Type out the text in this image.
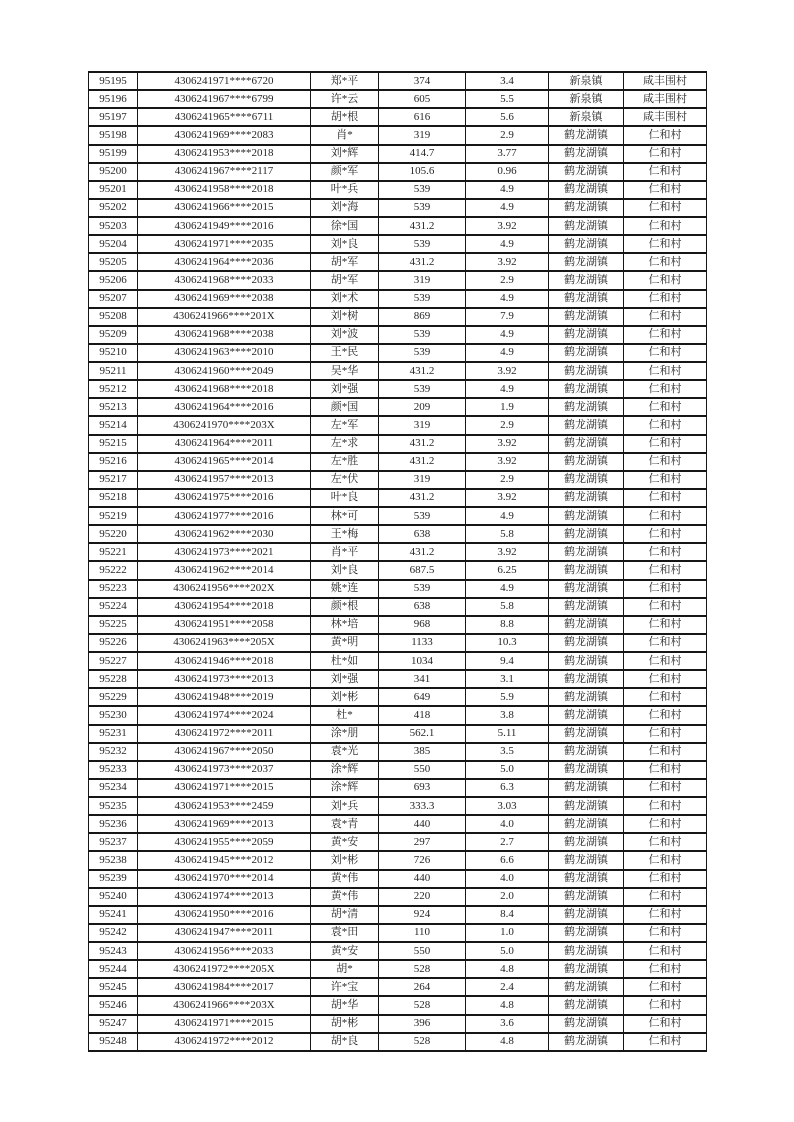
95195	4306241971****6720	郑*平	374	3.4	新泉镇	咸丰围村
95196	4306241967****6799	许*云	605	5.5	新泉镇	咸丰围村
95197	4306241965****6711	胡*根	616	5.6	新泉镇	咸丰围村
95198	4306241969****2083	肖*	319	2.9	鹤龙湖镇	仁和村
95199	4306241953****2018	刘*辉	414.7	3.77	鹤龙湖镇	仁和村
95200	4306241967****2117	颜*军	105.6	0.96	鹤龙湖镇	仁和村
95201	4306241958****2018	叶*兵	539	4.9	鹤龙湖镇	仁和村
95202	4306241966****2015	刘*海	539	4.9	鹤龙湖镇	仁和村
95203	4306241949****2016	徐*国	431.2	3.92	鹤龙湖镇	仁和村
95204	4306241971****2035	刘*良	539	4.9	鹤龙湖镇	仁和村
95205	4306241964****2036	胡*军	431.2	3.92	鹤龙湖镇	仁和村
95206	4306241968****2033	胡*军	319	2.9	鹤龙湖镇	仁和村
95207	4306241969****2038	刘*术	539	4.9	鹤龙湖镇	仁和村
95208	4306241966****201X	刘*树	869	7.9	鹤龙湖镇	仁和村
95209	4306241968****2038	刘*波	539	4.9	鹤龙湖镇	仁和村
95210	4306241963****2010	王*民	539	4.9	鹤龙湖镇	仁和村
95211	4306241960****2049	吴*华	431.2	3.92	鹤龙湖镇	仁和村
95212	4306241968****2018	刘*强	539	4.9	鹤龙湖镇	仁和村
95213	4306241964****2016	颜*国	209	1.9	鹤龙湖镇	仁和村
95214	4306241970****203X	左*军	319	2.9	鹤龙湖镇	仁和村
95215	4306241964****2011	左*求	431.2	3.92	鹤龙湖镇	仁和村
95216	4306241965****2014	左*胜	431.2	3.92	鹤龙湖镇	仁和村
95217	4306241957****2013	左*伏	319	2.9	鹤龙湖镇	仁和村
95218	4306241975****2016	叶*良	431.2	3.92	鹤龙湖镇	仁和村
95219	4306241977****2016	林*可	539	4.9	鹤龙湖镇	仁和村
95220	4306241962****2030	王*梅	638	5.8	鹤龙湖镇	仁和村
95221	4306241973****2021	肖*平	431.2	3.92	鹤龙湖镇	仁和村
95222	4306241962****2014	刘*良	687.5	6.25	鹤龙湖镇	仁和村
95223	4306241956****202X	姚*连	539	4.9	鹤龙湖镇	仁和村
95224	4306241954****2018	颜*根	638	5.8	鹤龙湖镇	仁和村
95225	4306241951****2058	林*培	968	8.8	鹤龙湖镇	仁和村
95226	4306241963****205X	黄*明	1133	10.3	鹤龙湖镇	仁和村
95227	4306241946****2018	杜*如	1034	9.4	鹤龙湖镇	仁和村
95228	4306241973****2013	刘*强	341	3.1	鹤龙湖镇	仁和村
95229	4306241948****2019	刘*彬	649	5.9	鹤龙湖镇	仁和村
95230	4306241974****2024	杜*	418	3.8	鹤龙湖镇	仁和村
95231	4306241972****2011	涂*朋	562.1	5.11	鹤龙湖镇	仁和村
95232	4306241967****2050	袁*光	385	3.5	鹤龙湖镇	仁和村
95233	4306241973****2037	涂*辉	550	5.0	鹤龙湖镇	仁和村
95234	4306241971****2015	涂*辉	693	6.3	鹤龙湖镇	仁和村
95235	4306241953****2459	刘*兵	333.3	3.03	鹤龙湖镇	仁和村
95236	4306241969****2013	袁*青	440	4.0	鹤龙湖镇	仁和村
95237	4306241955****2059	黄*安	297	2.7	鹤龙湖镇	仁和村
95238	4306241945****2012	刘*彬	726	6.6	鹤龙湖镇	仁和村
95239	4306241970****2014	黄*伟	440	4.0	鹤龙湖镇	仁和村
95240	4306241974****2013	黄*伟	220	2.0	鹤龙湖镇	仁和村
95241	4306241950****2016	胡*清	924	8.4	鹤龙湖镇	仁和村
95242	4306241947****2011	袁*田	110	1.0	鹤龙湖镇	仁和村
95243	4306241956****2033	黄*安	550	5.0	鹤龙湖镇	仁和村
95244	4306241972****205X	胡*	528	4.8	鹤龙湖镇	仁和村
95245	4306241984****2017	许*宝	264	2.4	鹤龙湖镇	仁和村
95246	4306241966****203X	胡*华	528	4.8	鹤龙湖镇	仁和村
95247	4306241971****2015	胡*彬	396	3.6	鹤龙湖镇	仁和村
95248	4306241972****2012	胡*良	528	4.8	鹤龙湖镇	仁和村
